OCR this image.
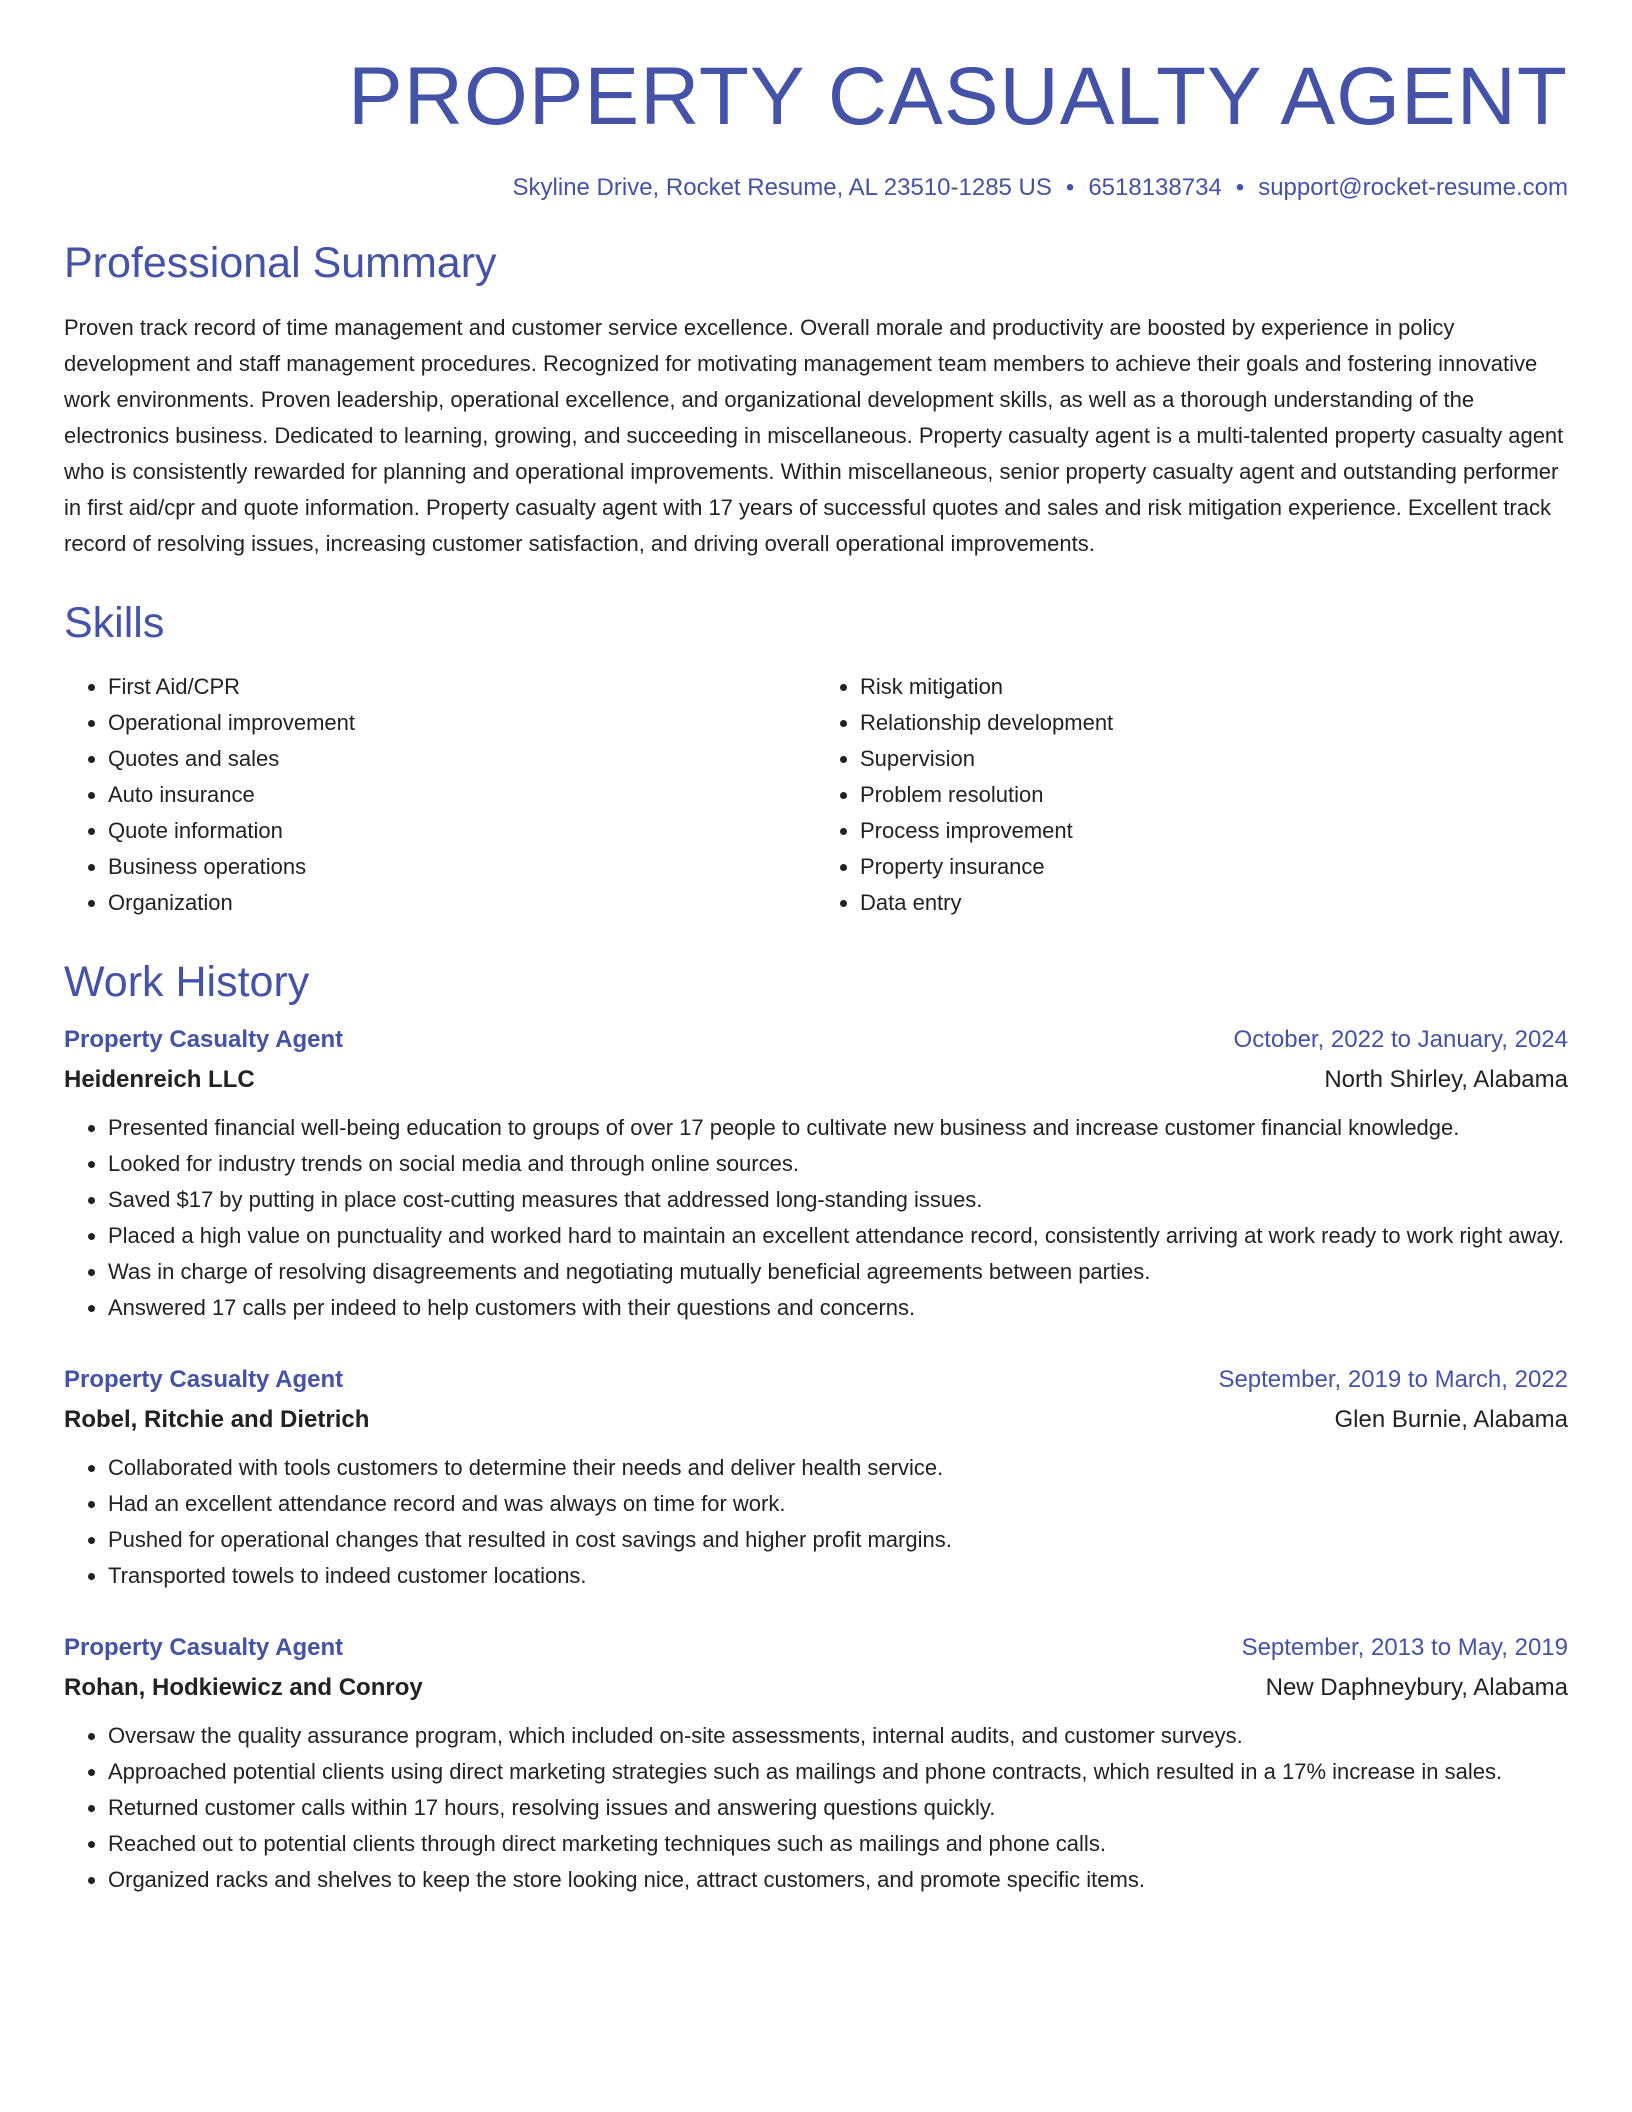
PROPERTY CASUALTY AGENT
Skyline Drive, Rocket Resume, AL 23510-1285 US • 6518138734 • support@rocket-resume.com
Professional Summary

Proven track record of time management and customer service excellence. Overall morale and productivity are boosted by experience in policy development and staff management procedures. Recognized for motivating management team members to achieve their goals and fostering innovative work environments. Proven leadership, operational excellence, and organizational development skills, as well as a thorough understanding of the electronics business. Dedicated to learning, growing, and succeeding in miscellaneous. Property casualty agent is a multi-talented property casualty agent who is consistently rewarded for planning and operational improvements. Within miscellaneous, senior property casualty agent and outstanding performer in first aid/cpr and quote information. Property casualty agent with 17 years of successful quotes and sales and risk mitigation experience. Excellent track record of resolving issues, increasing customer satisfaction, and driving overall operational improvements.

Skills
• First Aid/CPR
• Operational improvement
• Quotes and sales
• Auto insurance
• Quote information
• Business operations
• Organization
• Risk mitigation
• Relationship development
• Supervision
• Problem resolution
• Process improvement
• Property insurance
• Data entry
Work History
Property Casualty Agent	October, 2022 to January, 2024
Heidenreich LLC	North Shirley, Alabama
• Presented financial well-being education to groups of over 17 people to cultivate new business and increase customer financial knowledge.
• Looked for industry trends on social media and through online sources.
• Saved $17 by putting in place cost-cutting measures that addressed long-standing issues.
• Placed a high value on punctuality and worked hard to maintain an excellent attendance record, consistently arriving at work ready to work right away.
• Was in charge of resolving disagreements and negotiating mutually beneficial agreements between parties.
• Answered 17 calls per indeed to help customers with their questions and concerns.
Property Casualty Agent	September, 2019 to March, 2022
Robel, Ritchie and Dietrich	Glen Burnie, Alabama
• Collaborated with tools customers to determine their needs and deliver health service.
• Had an excellent attendance record and was always on time for work.
• Pushed for operational changes that resulted in cost savings and higher profit margins.
• Transported towels to indeed customer locations.
Property Casualty Agent	September, 2013 to May, 2019
Rohan, Hodkiewicz and Conroy	New Daphneybury, Alabama
• Oversaw the quality assurance program, which included on-site assessments, internal audits, and customer surveys.
• Approached potential clients using direct marketing strategies such as mailings and phone contracts, which resulted in a 17% increase in sales.
• Returned customer calls within 17 hours, resolving issues and answering questions quickly.
• Reached out to potential clients through direct marketing techniques such as mailings and phone calls.
• Organized racks and shelves to keep the store looking nice, attract customers, and promote specific items.
